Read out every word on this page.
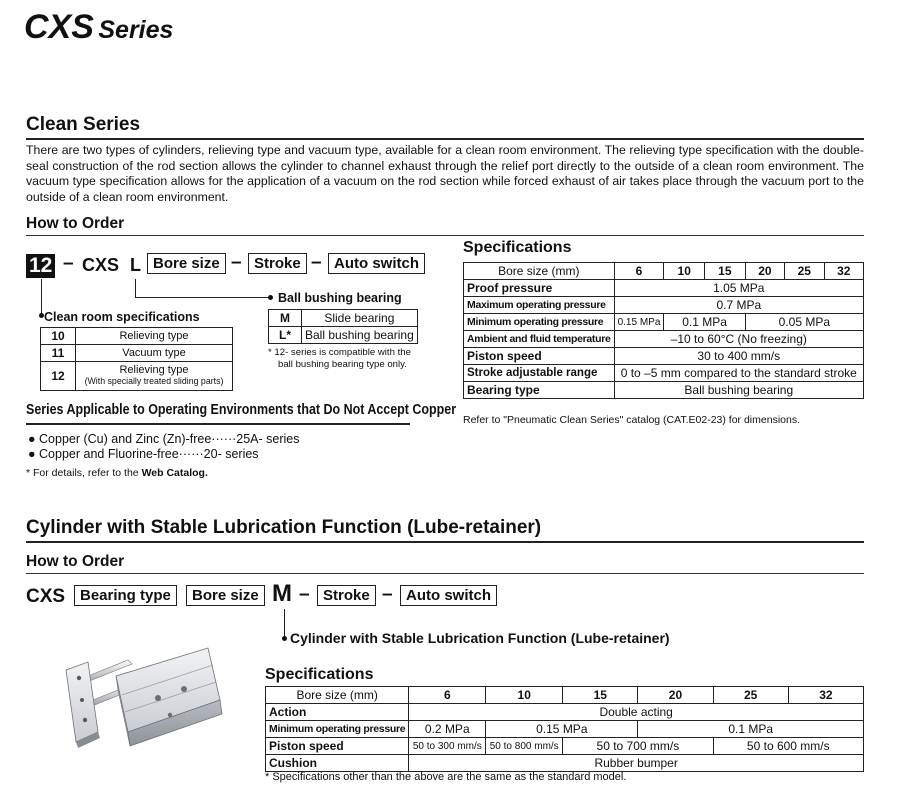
CXS Series
Clean Series
There are two types of cylinders, relieving type and vacuum type, available for a clean room environment. The relieving type specification with the double-seal construction of the rod section allows the cylinder to channel exhaust through the relief port directly to the outside of a clean room environment. The vacuum type specification allows for the application of a vacuum on the rod section while forced exhaust of air takes place through the vacuum port to the outside of a clean room environment.
How to Order
12 – CXS L Bore size – Stroke – Auto switch
Ball bushing bearing
M	Slide bearing
L*	Ball bushing bearing
* 12- series is compatible with the
ball bushing bearing type only.
Clean room specifications
10	Relieving type
11	Vacuum type
12	Relieving type
(With specially treated sliding parts)
Series Applicable to Operating Environments that Do Not Accept Copper
● Copper (Cu) and Zinc (Zn)-free······25A- series
● Copper and Fluorine-free······20- series
* For details, refer to the Web Catalog.
Specifications
Bore size (mm)	6	10	15	20	25	32
Proof pressure	1.05 MPa					
Maximum operating pressure	0.7 MPa					
Minimum operating pressure	0.15 MPa	0.1 MPa		0.05 MPa		
Ambient and fluid temperature	–10 to 60°C (No freezing)					
Piston speed	30 to 400 mm/s					
Stroke adjustable range	0 to –5 mm compared to the standard stroke					
Bearing type	Ball bushing bearing					
Refer to "Pneumatic Clean Series" catalog (CAT.E02-23) for dimensions.
Cylinder with Stable Lubrication Function (Lube-retainer)
How to Order
CXS Bearing type	Bore size M – Stroke – Auto switch
Cylinder with Stable Lubrication Function (Lube-retainer)
Specifications
Bore size (mm)	6	10	15	20	25	32
Action	Double acting					
Minimum operating pressure	0.2 MPa	0.15 MPa		0.1 MPa		
Piston speed	50 to 300 mm/s	50 to 800 mm/s	50 to 700 mm/s		50 to 600 mm/s	
Cushion	Rubber bumper					
* Specifications other than the above are the same as the standard model.
